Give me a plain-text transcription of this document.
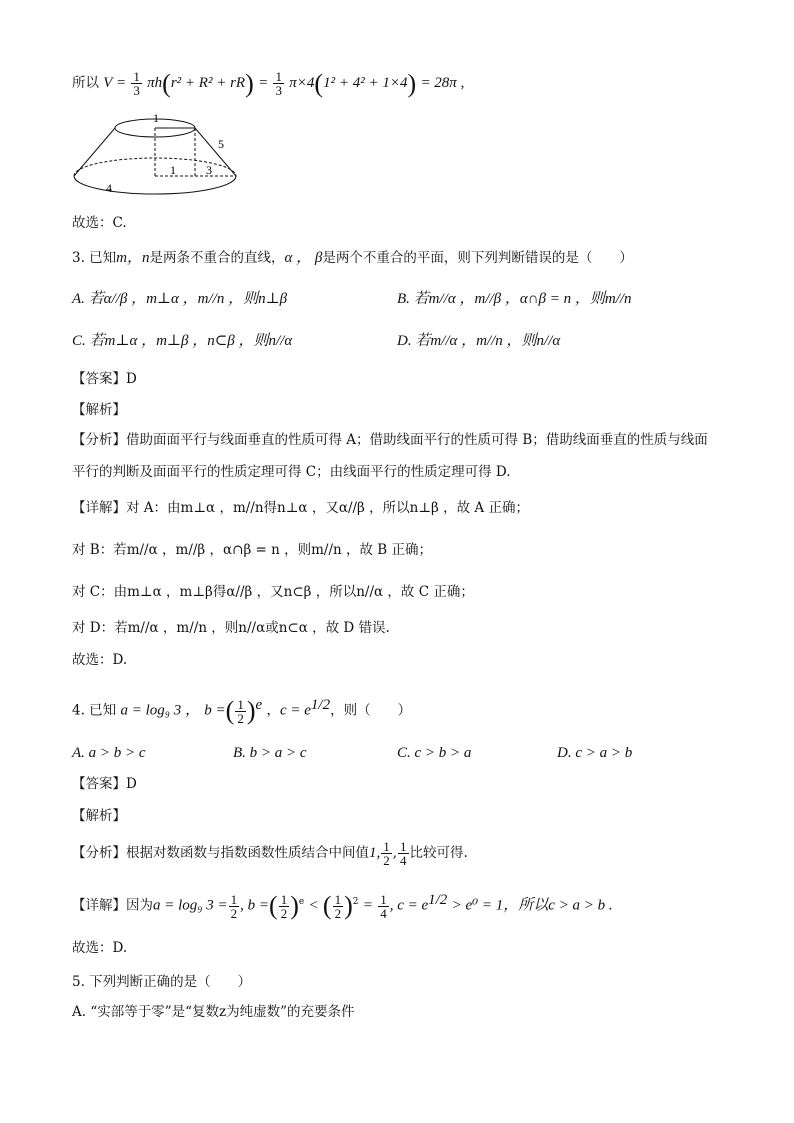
所以 $V = \frac{1}{3} \pi h(r^2 + R^2 + rR) = \frac{1}{3} \pi\times 4(1^2 + 4^2 + 1\times 4) = 28\pi$ ,
1
5
1	3
4
故选：C.
3. 已知m，n是两条不重合的直线，α ， β是两个不重合的平面，则下列判断错误的是（　　）
A. 若α//β ，m⊥α ，m//n ，则n⊥β	B. 若m//α ，m//β ，α∩β = n ，则m//n
C. 若m⊥α ，m⊥β ，n⊂β ，则n//α	D. 若m//α ，m//n ，则n//α
【答案】D
【解析】
【分析】借助面面平行与线面垂直的性质可得 A；借助线面平行的性质可得 B；借助线面垂直的性质与线面
平行的判断及面面平行的性质定理可得 C；由线面平行的性质定理可得 D.
【详解】对 A：由m⊥α ，m//n得n⊥α ，又α//β ，所以n⊥β ，故 A 正确；
对 B：若m//α ，m//β ，α∩β = n ，则m//n ，故 B 正确；
对 C：由m⊥α ，m⊥β得α//β ，又n⊂β ，所以n//α ，故 C 正确；
对 D：若m//α ，m//n ，则n//α或n⊂α ，故 D 错误.
故选：D.
4. 已知 a = log₉ 3 ， b =( $\frac{1}{2} )^e$ ，$c = e^{1/2}$，则（　　）
A. a > b > c	B. b > a > c	C. c > b > a	D. c > a > b
【答案】D
【解析】
【分析】根据对数函数与指数函数性质结合中间值1, $\frac{1}{2}$ , $\frac{1}{4}$ 比较可得.
【详解】因为a = log₉ $3 = \frac{1}{2}$ , b =( $\frac{1}{2} )^e$ < ( $\frac{1}{2} )^2 = \frac{1}{4}$ , $c = e^{1/2} > e^0 = 1$，所以c > a > b .
故选：D.
5. 下列判断正确的是（　　）
A. “实部等于零”是“复数z为纯虚数”的充要条件
